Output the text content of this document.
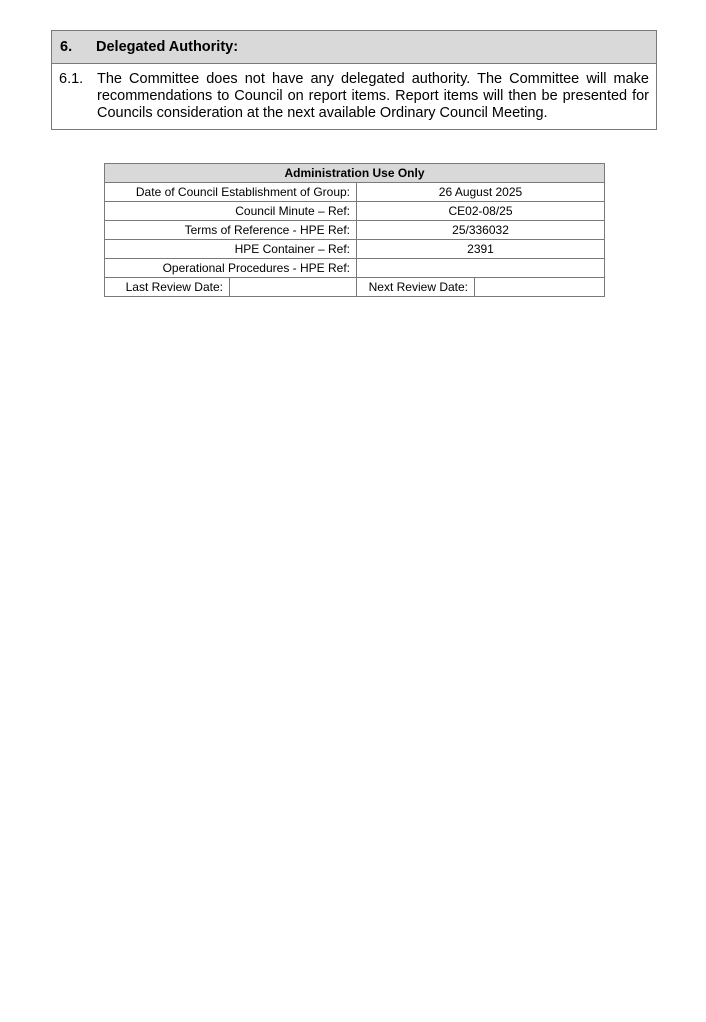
6.	Delegated Authority:
6.1. The Committee does not have any delegated authority. The Committee will make recommendations to Council on report items. Report items will then be presented for Councils consideration at the next available Ordinary Council Meeting.
Administration Use Only			
Date of Council Establishment of Group:		26 August 2025	
Council Minute – Ref:		CE02-08/25	
Terms of Reference - HPE Ref:		25/336032	
HPE Container – Ref:		2391	
Operational Procedures - HPE Ref:			
Last Review Date:		Next Review Date:	
